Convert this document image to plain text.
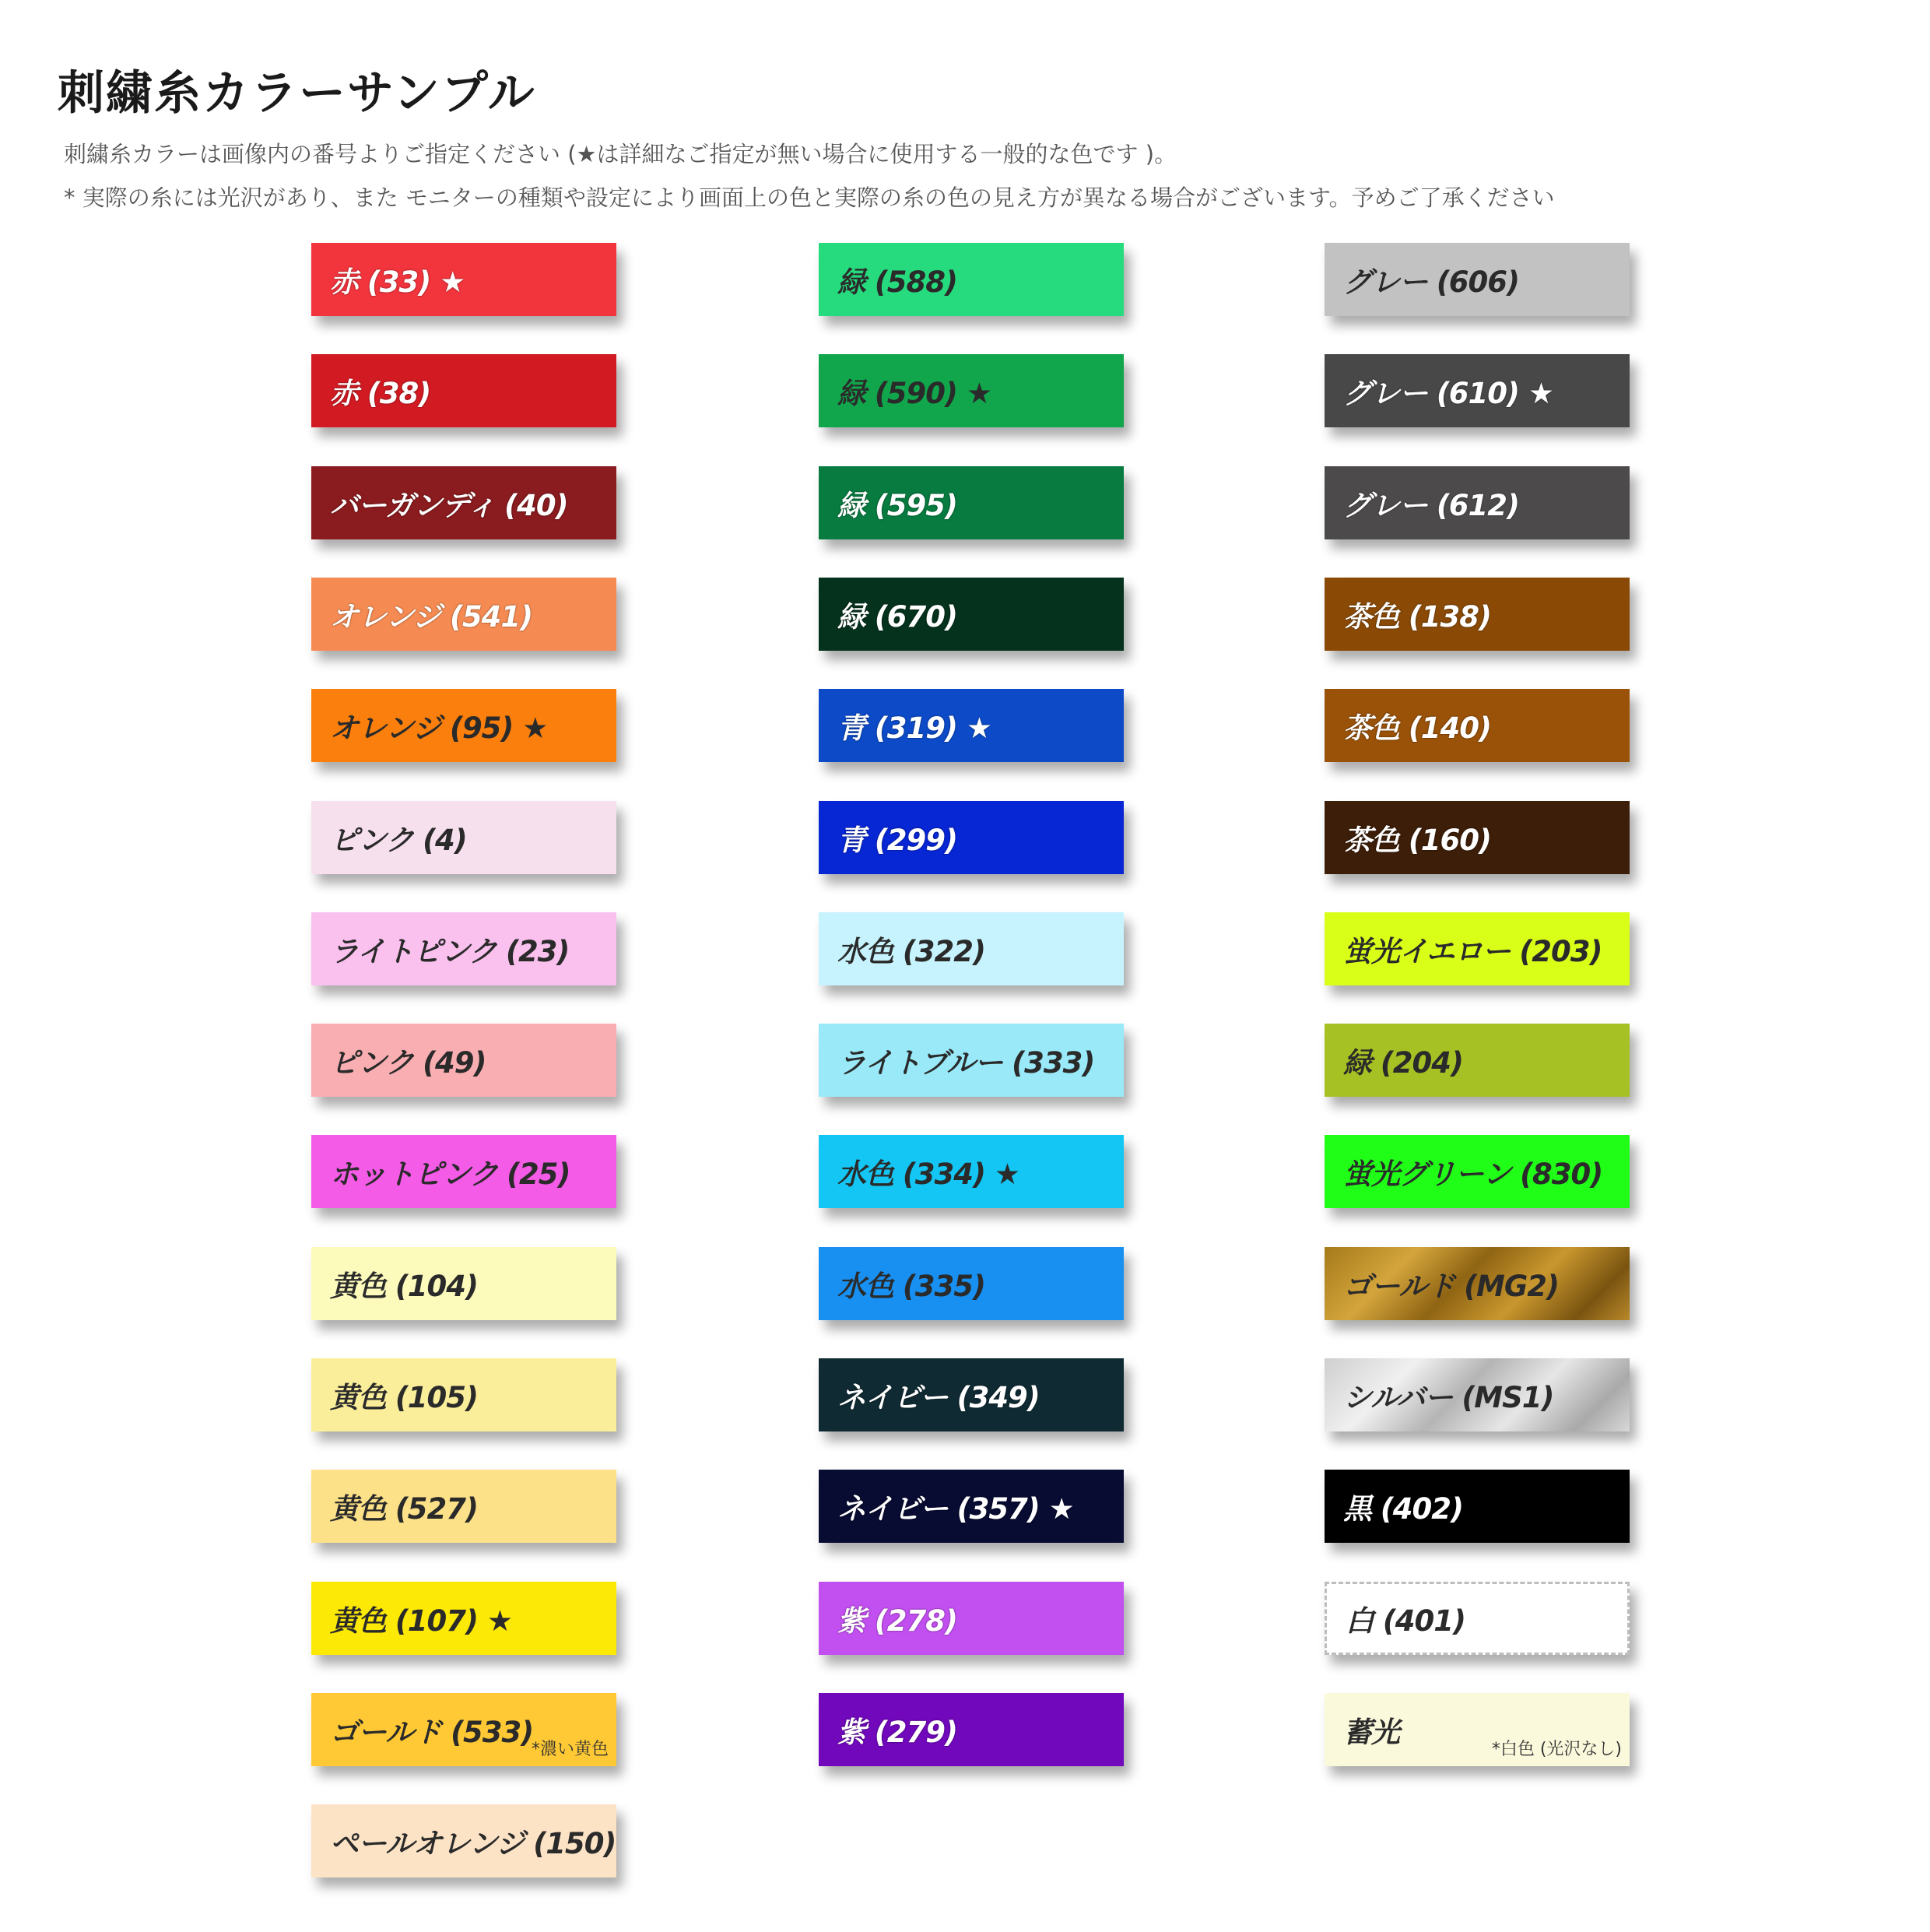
刺繍糸カラーサンプル

刺繍糸カラーは画像内の番号よりご指定ください (★は詳細なご指定が無い場合に使用する一般的な色です )。

* 実際の糸には光沢があり、また モニターの種類や設定により画面上の色と実際の糸の色の見え方が異なる場合がございます。予めご了承ください

赤 (33) ★
赤 (38)
バーガンディ (40)
オレンジ (541)
オレンジ (95) ★
ピンク (4)
ライトピンク (23)
ピンク (49)
ホットピンク (25)
黄色 (104)
黄色 (105)
黄色 (527)
黄色 (107) ★
ゴールド (533)
*濃い黄色
ペールオレンジ (150)
緑 (588)
緑 (590) ★
緑 (595)
緑 (670)
青 (319) ★
青 (299)
水色 (322)
ライトブルー (333)
水色 (334) ★
水色 (335)
ネイビー (349)
ネイビー (357) ★
紫 (278)
紫 (279)
グレー (606)
グレー (610) ★
グレー (612)
茶色 (138)
茶色 (140)
茶色 (160)
蛍光イエロー (203)
緑 (204)
蛍光グリーン (830)
ゴールド (MG2)
シルバー (MS1)
黒 (402)
白 (401)
蓄光
*白色 (光沢なし)
